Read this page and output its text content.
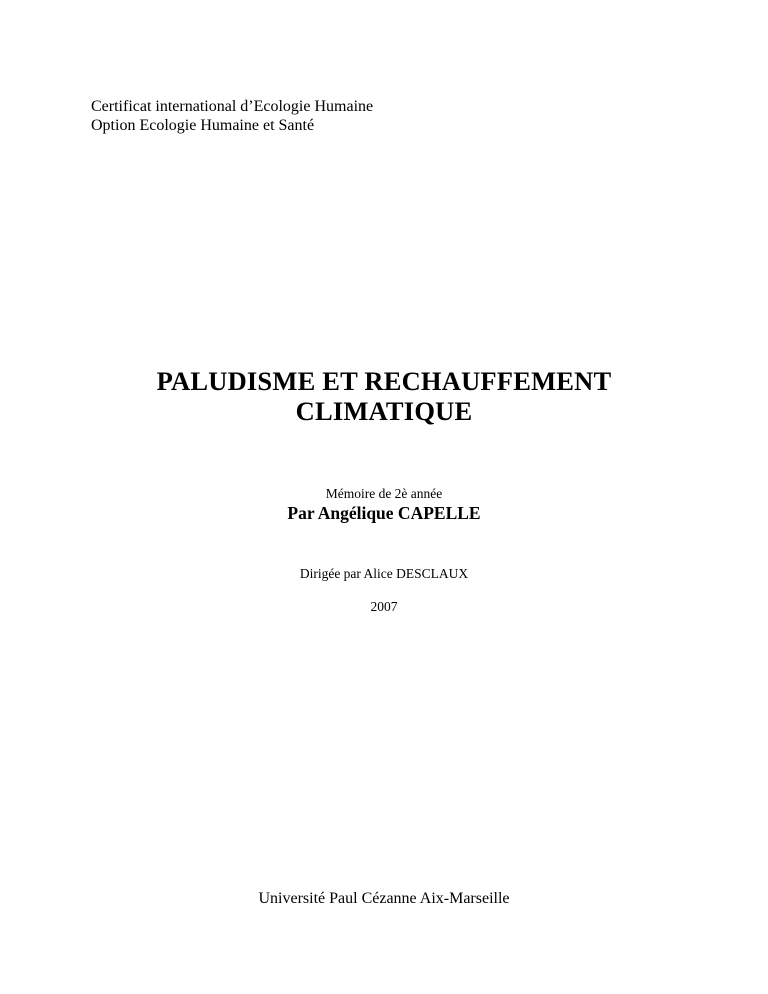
Certificat international d’Ecologie Humaine
Option Ecologie Humaine et Santé
PALUDISME ET RECHAUFFEMENT
CLIMATIQUE
Mémoire de 2è année
Par Angélique CAPELLE
Dirigée par Alice DESCLAUX
2007
Université Paul Cézanne Aix-Marseille
